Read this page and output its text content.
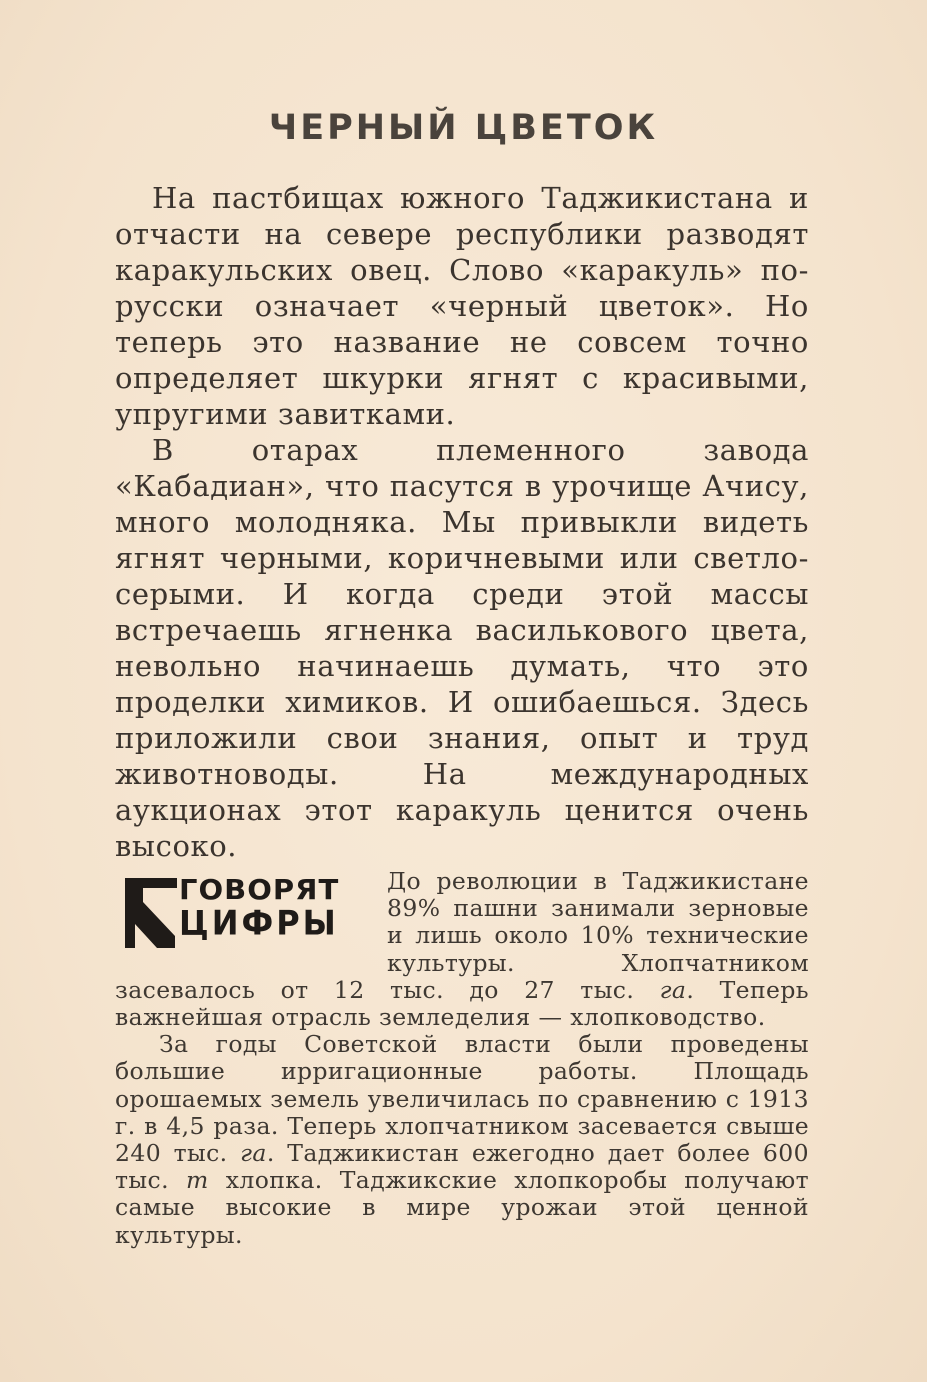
ЧЕРНЫЙ ЦВЕТОК

На пастбищах южного Таджикистана и отчасти на севере республики разводят каракульских овец. Слово «каракуль» по-русски означает «черный цветок». Но теперь это название не совсем точно определяет шкурки ягнят с красивыми, упругими завитками.

В отарах племенного завода «Кабадиан», что пасутся в урочище Ачису, много молодняка. Мы привыкли видеть ягнят черными, коричневыми или светло-серыми. И когда среди этой массы встречаешь ягненка василькового цвета, невольно начинаешь думать, что это проделки химиков. И ошибаешься. Здесь приложили свои знания, опыт и труд животноводы. На международных аукционах этот каракуль ценится очень высоко.

ГОВОРЯТ
ЦИФРЫ

До революции в Таджикистане 89% пашни занимали зерновые и лишь около 10% технические культуры. Хлопчатником засевалось от 12 тыс. до 27 тыс. га. Теперь важнейшая отрасль земледелия — хлопководство.

За годы Советской власти были проведены большие ирригационные работы. Площадь орошаемых земель увеличилась по сравнению с 1913 г. в 4,5 раза. Теперь хлопчатником засевается свыше 240 тыс. га. Таджикистан ежегодно дает более 600 тыс. т хлопка. Таджикские хлопкоробы получают самые высокие в мире урожаи этой ценной культуры.
